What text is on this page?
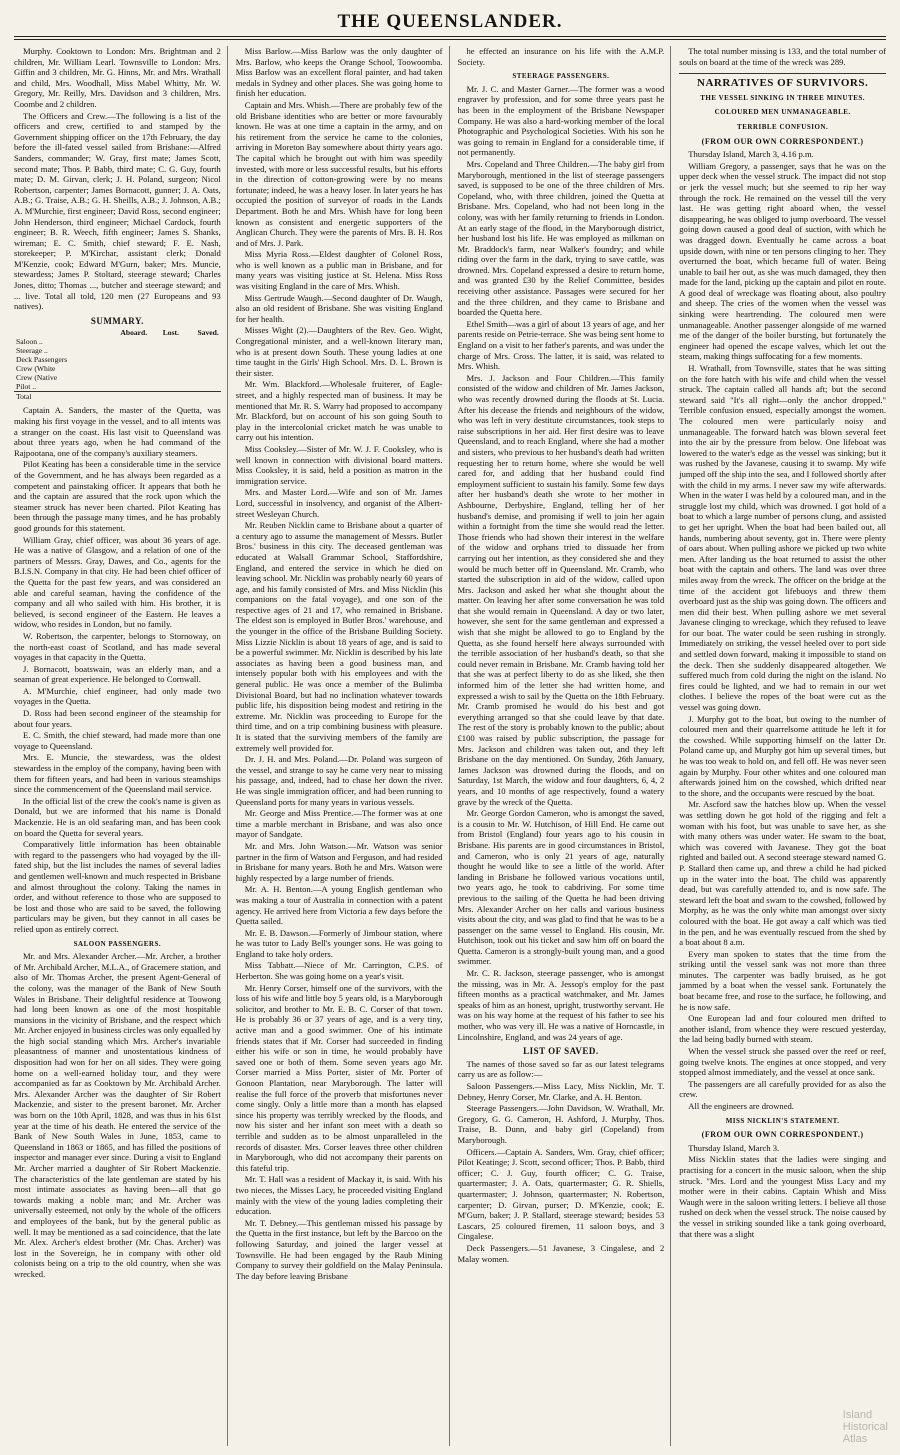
THE QUEENSLANDER.

Murphy. Cooktown to London: Mrs. Brightman and 2 children, Mr. William Learl. Townsville to London: Mrs. Giffin and 3 children, Mr. G. Hinns, Mr. and Mrs. Wrathall and child, Mrs. Woodhall, Miss Mabel Whitty, Mr. W. Gregory, Mr. Reilly, Mrs. Davidson and 3 children, Mrs. Coombe and 2 children.

The Officers and Crew.—The following is a list of the officers and crew, certified to and stamped by the Government shipping officer on the 17th February, the day before the ill-fated vessel sailed from Brisbane:—Alfred Sanders, commander; W. Gray, first mate; James Scott, second mate; Thos. P. Babb, third mate; C. G. Guy, fourth mate; D. M. Girvan, clerk; J. H. Poland, surgeon; Nicol Robertson, carpenter; James Bornacott, gunner; J. A. Oats, A.B.; G. Traise, A.B.; G. H. Sheills, A.B.; J. Johnson, A.B.; A. M'Murchie, first engineer; David Ross, second engineer; John Henderson, third engineer; Michael Cardock, fourth engineer; B. R. Weech, fifth engineer; James S. Shanks, wireman; E. C. Smith, chief steward; F. E. Nash, storekeeper; P. M'Kirchar, assistant clerk; Donald M'Kenzie, cook; Edward M'Gurn, baker; Mrs. Muncie, stewardess; James P. Stoltard, steerage steward; Charles Jones, ditto; Thomas ..., butcher and steerage steward; and ... live. Total all told, 120 men (27 Europeans and 93 natives).

SUMMARY.
	Aboard.	Lost.	Saved.
Saloon ..			
Steerage ..			
Deck Passengers			
Crew (White			
Crew (Native			
Pilot ..			
Total			

Captain A. Sanders, the master of the Quetta, was making his first voyage in the vessel, and to all intents was a stranger on the coast. His last visit to Queensland was about three years ago, when he had command of the Rajpootana, one of the company's auxiliary steamers.

Pilot Keating has been a considerable time in the service of the Government, and he has always been regarded as a competent and painstaking officer. It appears that both he and the captain are assured that the rock upon which the steamer struck has never been charted. Pilot Keating has been through the passage many times, and he has probably good grounds for this statement.

William Gray, chief officer, was about 36 years of age. He was a native of Glasgow, and a relation of one of the partners of Messrs. Gray, Dawes, and Co., agents for the B.I.S.N. Company in that city. He had been chief officer of the Quetta for the past few years, and was considered an able and careful seaman, having the confidence of the company and all who sailed with him. His brother, it is believed, is second engineer of the Eastern. He leaves a widow, who resides in London, but no family.

W. Robertson, the carpenter, belongs to Stornoway, on the north-east coast of Scotland, and has made several voyages in that capacity in the Quetta.

J. Bornacott, boatswain, was an elderly man, and a seaman of great experience. He belonged to Cornwall.

A. M'Murchie, chief engineer, had only made two voyages in the Quetta.

D. Ross had been second engineer of the steamship for about four years.

E. C. Smith, the chief steward, had made more than one voyage to Queensland.

Mrs. E. Muncie, the stewardess, was the oldest stewardess in the employ of the company, having been with them for fifteen years, and had been in various steamships since the commencement of the Queensland mail service.

In the official list of the crew the cook's name is given as Donald, but we are informed that his name is Donald Mackenzie. He is an old seafaring man, and has been cook on board the Quetta for several years.

Comparatively little information has been obtainable with regard to the passengers who had voyaged by the ill-fated ship, but the list includes the names of several ladies and gentlemen well-known and much respected in Brisbane and almost throughout the colony. Taking the names in order, and without reference to those who are supposed to be lost and those who are said to be saved, the following particulars may be given, but they cannot in all cases be relied upon as entirely correct.

SALOON PASSENGERS.

Mr. and Mrs. Alexander Archer.—Mr. Archer, a brother of Mr. Archibald Archer, M.L.A., of Gracemere station, and also of Mr. Thomas Archer, the present Agent-General of the colony, was the manager of the Bank of New South Wales in Brisbane. Their delightful residence at Toowong had long been known as one of the most hospitable mansions in the vicinity of Brisbane, and the respect which Mr. Archer enjoyed in business circles was only equalled by the high social standing which Mrs. Archer's invariable pleasantness of manner and unostentatious kindness of disposition had won for her on all sides. They were going home on a well-earned holiday tour, and they were accompanied as far as Cooktown by Mr. Archibald Archer. Mrs. Alexander Archer was the daughter of Sir Robert Mackenzie, and sister to the present baronet. Mr. Archer was born on the 10th April, 1828, and was thus in his 61st year at the time of his death. He entered the service of the Bank of New South Wales in June, 1853, came to Queensland in 1863 or 1865, and has filled the positions of inspector and manager ever since. During a visit to England Mr. Archer married a daughter of Sir Robert Mackenzie. The characteristics of the late gentleman are stated by his most intimate associates as having been—all that go towards making a noble man; and Mr. Archer was universally esteemed, not only by the whole of the officers and employees of the bank, but by the general public as well. It may be mentioned as a sad coincidence, that the late Mr. Alex. Archer's eldest brother (Mr. Chas. Archer) was lost in the Sovereign, he in company with other old colonists being on a trip to the old country, when she was wrecked.

Miss Barlow.—Miss Barlow was the only daughter of Mrs. Barlow, who keeps the Orange School, Toowoomba. Miss Barlow was an excellent floral painter, and had taken medals in Sydney and other places. She was going home to finish her education.

Captain and Mrs. Whish.—There are probably few of the old Brisbane identities who are better or more favourably known. He was at one time a captain in the army, and on his retirement from the service he came to the colonies, arriving in Moreton Bay somewhere about thirty years ago. The capital which he brought out with him was speedily invested, with more or less successful results, but his efforts in the direction of cotton-growing were by no means fortunate; indeed, he was a heavy loser. In later years he has occupied the position of surveyor of roads in the Lands Department. Both he and Mrs. Whish have for long been known as consistent and energetic supporters of the Anglican Church. They were the parents of Mrs. B. H. Ros and of Mrs. J. Park.

Miss Myria Ross.—Eldest daughter of Colonel Ross, who is well known as a public man in Brisbane, and for many years was visiting justice at St. Helena. Miss Ross was visiting England in the care of Mrs. Whish.

Miss Gertrude Waugh.—Second daughter of Dr. Waugh, also an old resident of Brisbane. She was visiting England for her health.

Misses Wight (2).—Daughters of the Rev. Geo. Wight, Congregational minister, and a well-known literary man, who is at present down South. These young ladies at one time taught in the Girls' High School. Mrs. D. L. Brown is their sister.

Mr. Wm. Blackford.—Wholesale fruiterer, of Eagle-street, and a highly respected man of business. It may be mentioned that Mr. R. S. Warry had proposed to accompany Mr. Blackford, but on account of his son going South to play in the intercolonial cricket match he was unable to carry out his intention.

Miss Cooksley.—Sister of Mr. W. J. F. Cooksley, who is well known in connection with divisional board matters. Miss Cooksley, it is said, held a position as matron in the immigration service.

Mrs. and Master Lord.—Wife and son of Mr. James Lord, successful in insolvency, and organist of the Albert-street Wesleyan Church.

Mr. Reuben Nicklin came to Brisbane about a quarter of a century ago to assume the management of Messrs. Butler Bros.' business in this city. The deceased gentleman was educated at Walsall Grammar School, Staffordshire, England, and entered the service in which he died on leaving school. Mr. Nicklin was probably nearly 60 years of age, and his family consisted of Mrs. and Miss Nicklin (his companions on the fatal voyage), and one son of the respective ages of 21 and 17, who remained in Brisbane. The eldest son is employed in Butler Bros.' warehouse, and the younger in the office of the Brisbane Building Society. Miss Lizzie Nicklin is about 18 years of age, and is said to be a powerful swimmer. Mr. Nicklin is described by his late associates as having been a good business man, and intensely popular both with his employees and with the general public. He was once a member of the Bulimba Divisional Board, but had no inclination whatever towards public life, his disposition being modest and retiring in the extreme. Mr. Nicklin was proceeding to Europe for the third time, and on a trip combining business with pleasure. It is stated that the surviving members of the family are extremely well provided for.

Dr. J. H. and Mrs. Poland.—Dr. Poland was surgeon of the vessel, and strange to say he came very near to missing his passage, and, indeed, had to chase her down the river. He was single immigration officer, and had been running to Queensland ports for many years in various vessels.

Mr. George and Miss Prentice.—The former was at one time a marble merchant in Brisbane, and was also once mayor of Sandgate.

Mr. and Mrs. John Watson.—Mr. Watson was senior partner in the firm of Watson and Ferguson, and had resided in Brisbane for many years. Both he and Mrs. Watson were highly respected by a large number of friends.

Mr. A. H. Benton.—A young English gentleman who was making a tour of Australia in connection with a patent agency. He arrived here from Victoria a few days before the Quetta sailed.

Mr. E. B. Dawson.—Formerly of Jimbour station, where he was tutor to Lady Bell's younger sons. He was going to England to take holy orders.

Miss Tabbatt.—Niece of Mr. Carrington, C.P.S. of Herberton. She was going home on a year's visit.

Mr. Henry Corser, himself one of the survivors, with the loss of his wife and little boy 5 years old, is a Maryborough solicitor, and brother to Mr. E. B. C. Corser of that town. He is probably 36 or 37 years of age, and is a very tiny, active man and a good swimmer. One of his intimate friends states that if Mr. Corser had succeeded in finding either his wife or son in time, he would probably have saved one or both of them. Some seven years ago Mr. Corser married a Miss Porter, sister of Mr. Porter of Gonoon Plantation, near Maryborough. The latter will realise the full force of the proverb that misfortunes never come singly. Only a little more than a month has elapsed since his property was terribly wrecked by the floods, and now his sister and her infant son meet with a death so terrible and sudden as to be almost unparalleled in the records of disaster. Mrs. Corser leaves three other children in Maryborough, who did not accompany their parents on this fateful trip.

Mr. T. Hall was a resident of Mackay it, is said. With his two nieces, the Misses Lacy, he proceeded visiting England mainly with the view of the young ladies completing their education.

Mr. T. Debney.—This gentleman missed his passage by the Quetta in the first instance, but left by the Barcoo on the following Saturday, and joined the larger vessel at Townsville. He had been engaged by the Raub Mining Company to survey their goldfield on the Malay Peninsula. The day before leaving Brisbane

he effected an insurance on his life with the A.M.P. Society.

STEERAGE PASSENGERS.

Mr. J. C. and Master Garner.—The former was a wood engraver by profession, and for some three years past he has been in the employment of the Brisbane Newspaper Company. He was also a hard-working member of the local Photographic and Psychological Societies. With his son he was going to remain in England for a considerable time, if not permanently.

Mrs. Copeland and Three Children.—The baby girl from Maryborough, mentioned in the list of steerage passengers saved, is supposed to be one of the three children of Mrs. Copeland, who, with three children, joined the Quetta at Brisbane. Mrs. Copeland, who had not been long in the colony, was with her family returning to friends in London. At an early stage of the flood, in the Maryborough district, her husband lost his life. He was employed as milkman on Mr. Braddock's farm, near Walker's foundry; and while riding over the farm in the dark, trying to save cattle, was drowned. Mrs. Copeland expressed a desire to return home, and was granted £30 by the Relief Committee, besides receiving other assistance. Passages were secured for her and the three children, and they came to Brisbane and boarded the Quetta here.

Ethel Smith—was a girl of about 13 years of age, and her parents reside on Petrie-terrace. She was being sent home to England on a visit to her father's parents, and was under the charge of Mrs. Cross. The latter, it is said, was related to Mrs. Whish.

Mrs. J. Jackson and Four Children.—This family consisted of the widow and children of Mr. James Jackson, who was recently drowned during the floods at St. Lucia. After his decease the friends and neighbours of the widow, who was left in very destitute circumstances, took steps to raise subscriptions in her aid. Her first desire was to leave Queensland, and to reach England, where she had a mother and sisters, who previous to her husband's death had written requesting her to return home, where she would be well cared for, and adding that her husband could find employment sufficient to sustain his family. Some few days after her husband's death she wrote to her mother in Ashbourne, Derbyshire, England, telling her of her husband's demise, and promising if well to join her again within a fortnight from the time she would read the letter. Those friends who had shown their interest in the welfare of the widow and orphans tried to dissuade her from carrying out her intention, as they considered she and they would be much better off in Queensland. Mr. Cramb, who started the subscription in aid of the widow, called upon Mrs. Jackson and asked her what she thought about the matter. On leaving her after some conversation he was told that she would remain in Queensland. A day or two later, however, she sent for the same gentleman and expressed a wish that she might be allowed to go to England by the Quetta, as she found herself here always surrounded with the terrible association of her husband's death, so that she could never remain in Brisbane. Mr. Cramb having told her that she was at perfect liberty to do as she liked, she then informed him of the letter she had written home, and expressed a wish to sail by the Quetta on the 18th February. Mr. Cramb promised he would do his best and got everything arranged so that she could leave by that date. The rest of the story is probably known to the public; about £100 was raised by public subscription, the passage for Mrs. Jackson and children was taken out, and they left Brisbane on the day mentioned. On Sunday, 26th January, James Jackson was drowned during the floods, and on Saturday, 1st March, the widow and four daughters, 6, 4, 2 years, and 10 months of age respectively, found a watery grave by the wreck of the Quetta.

Mr. George Gordon Cameron, who is amongst the saved, is a cousin to Mr. W. Hutchison, of Hill End. He came out from Bristol (England) four years ago to his cousin in Brisbane. His parents are in good circumstances in Bristol, and Cameron, who is only 21 years of age, naturally thought he would like to see a little of the world. After landing in Brisbane he followed various vocations until, two years ago, he took to cabdriving. For some time previous to the sailing of the Quetta he had been driving Mrs. Alexander Archer on her calls and various business visits about the city, and was glad to find that he was to be a passenger on the same vessel to England. His cousin, Mr. Hutchison, took out his ticket and saw him off on board the Quetta. Cameron is a strongly-built young man, and a good swimmer.

Mr. C. R. Jackson, steerage passenger, who is amongst the missing, was in Mr. A. Jessop's employ for the past fifteen months as a practical watchmaker, and Mr. James speaks of him as an honest, upright, trustworthy servant. He was on his way home at the request of his father to see his mother, who was very ill. He was a native of Horncastle, in Lincolnshire, England, and was 24 years of age.

LIST OF SAVED.

The names of those saved so far as our latest telegrams carry us are as follow:—

Saloon Passengers.—Miss Lacy, Miss Nicklin, Mr. T. Debney, Henry Corser, Mr. Clarke, and A. H. Benton.

Steerage Passengers.—John Davidson, W. Wrathall, Mr. Gregory, G. G. Cameron, H. Ashford, J. Murphy, Thos. Traise, B. Dunn, and baby girl (Copeland) from Maryborough.

Officers.—Captain A. Sanders, Wm. Gray, chief officer; Pilot Keatinge; J. Scott, second officer; Thos. P. Babb, third officer; C. J. Guy, fourth officer; C. G. Traise, quartermaster; J. A. Oats, quartermaster; G. R. Shiells, quartermaster; J. Johnson, quartermaster; N. Robertson, carpenter; D. Girvan, purser; D. M'Kenzie, cook; E. M'Gurn, baker; J. P. Stallard, steerage steward; besides 53 Lascars, 25 coloured firemen, 11 saloon boys, and 3 Cingalese.

Deck Passengers.—51 Javanese, 3 Cingalese, and 2 Malay women.

The total number missing is 133, and the total number of souls on board at the time of the wreck was 289.

NARRATIVES OF SURVIVORS.
THE VESSEL SINKING IN THREE MINUTES.
COLOURED MEN UNMANAGEABLE.
TERRIBLE CONFUSION.
(FROM OUR OWN CORRESPONDENT.)

Thursday Island, March 3, 4.16 p.m.

William Gregory, a passenger, says that he was on the upper deck when the vessel struck. The impact did not stop or jerk the vessel much; but she seemed to rip her way through the rock. He remained on the vessel till the very last. He was getting right aboard when, the vessel disappearing, he was obliged to jump overboard. The vessel going down caused a good deal of suction, with which he was dragged down. Eventually he came across a boat upside down, with nine or ten persons clinging to her. They overturned the boat, which became full of water. Being unable to bail her out, as she was much damaged, they then made for the land, picking up the captain and pilot en route. A good deal of wreckage was floating about, also poultry and sheep. The cries of the women when the vessel was sinking were heartrending. The coloured men were unmanageable. Another passenger alongside of me warned me of the danger of the boiler bursting, but fortunately the engineer had opened the escape valves, which let out the steam, making things suffocating for a few moments.

H. Wrathall, from Townsville, states that he was sitting on the fore hatch with his wife and child when the vessel struck. The captain called all hands aft; but the second steward said "It's all right—only the anchor dropped." Terrible confusion ensued, especially amongst the women. The coloured men were particularly noisy and unmanageable. The forward hatch was blown several feet into the air by the pressure from below. One lifeboat was lowered to the water's edge as the vessel was sinking; but it was rushed by the Javanese, causing it to swamp. My wife jumped off the ship into the sea, and I followed shortly after with the child in my arms. I never saw my wife afterwards. When in the water I was held by a coloured man, and in the struggle lost my child, which was drowned. I got hold of a boat to which a large number of persons clung, and assisted to get her upright. When the boat had been bailed out, all hands, numbering about seventy, got in. There were plenty of oars about. When pulling ashore we picked up two white men. After landing us the boat returned to assist the other boat with the captain and others. The land was over three miles away from the wreck. The officer on the bridge at the time of the accident got lifebuoys and threw them overboard just as the ship was going down. The officers and men did their best. When pulling ashore we met several Javanese clinging to wreckage, which they refused to leave for our boat. The water could be seen rushing in strongly. Immediately on striking, the vessel heeled over to port side and settled down forward, making it impossible to stand on the deck. Then she suddenly disappeared altogether. We suffered much from cold during the night on the island. No fires could be lighted, and we had to remain in our wet clothes. I believe the ropes of the boat were cut as the vessel was going down.

J. Murphy got to the boat, but owing to the number of coloured men and their quarrelsome attitude he left it for the cowshed. While supporting himself on the latter Dr. Poland came up, and Murphy got him up several times, but he was too weak to hold on, and fell off. He was never seen again by Murphy. Four other whites and one coloured man afterwards joined him on the cowshed, which drifted near to the shore, and the occupants were rescued by the boat.

Mr. Ascford saw the hatches blow up. When the vessel was settling down he got hold of the rigging and felt a woman with his foot, but was unable to save her, as she with many others was under water. He swam to the boat, which was covered with Javanese. They got the boat righted and bailed out. A second steerage steward named G. P. Stallard then came up, and threw a child he had picked up in the water into the boat. The child was apparently dead, but was carefully attended to, and is now safe. The steward left the boat and swam to the cowshed, followed by Morphy, as he was the only white man amongst over sixty coloured with the boat. He got away a calf which was tied in the pen, and he was eventually rescued from the shed by a boat about 8 a.m.

Every man spoken to states that the time from the striking until the vessel sank was not more than three minutes. The carpenter was badly bruised, as he got jammed by a boat when the vessel sank. Fortunately the boat became free, and rose to the surface, he following, and he is now safe.

One European lad and four coloured men drifted to another island, from whence they were rescued yesterday, the lad being badly burned with steam.

When the vessel struck she passed over the reef or reef, going twelve knots. The engines at once stopped, and very stopped almost immediately, and the vessel at once sank.

The passengers are all carefully provided for as also the crew.

All the engineers are drowned.

MISS NICKLIN'S STATEMENT.
(FROM OUR OWN CORRESPONDENT.)

Thursday Island, March 3.

Miss Nicklin states that the ladies were singing and practising for a concert in the music saloon, when the ship struck. "Mrs. Lord and the youngest Miss Lacy and my mother were in their cabins. Captain Whish and Miss Waugh were in the saloon writing letters. I believe all those rushed on deck when the vessel struck. The noise caused by the vessel in striking sounded like a tank going overboard, that there was a slight

Island
Historical
Atlas
